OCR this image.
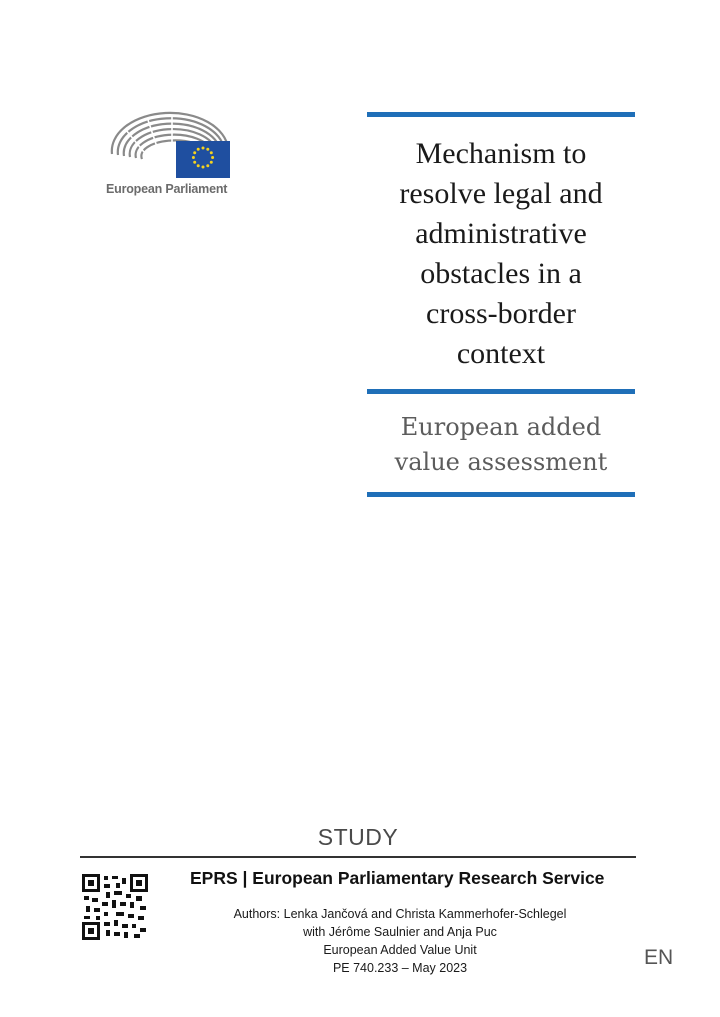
European Parliament
Mechanism to
resolve legal and
administrative
obstacles in a
cross-border
context
European added
value assessment
STUDY
EPRS | European Parliamentary Research Service
Authors: Lenka Jančová and Christa Kammerhofer-Schlegel
with Jérôme Saulnier and Anja Puc
European Added Value Unit
PE 740.233 – May 2023	EN
